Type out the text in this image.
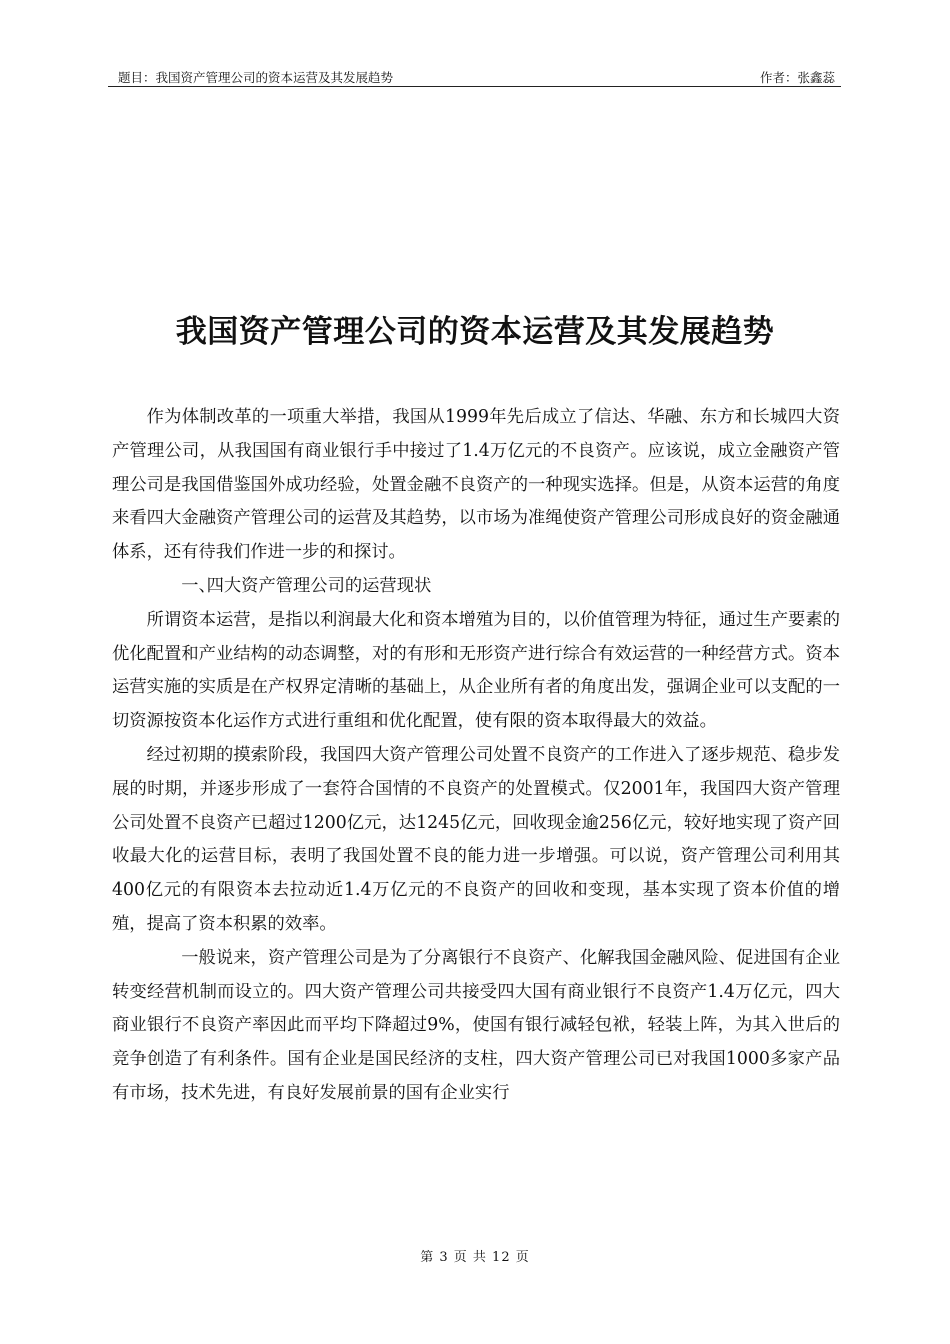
题目：我国资产管理公司的资本运营及其发展趋势	作者：张鑫蕊
我国资产管理公司的资本运营及其发展趋势

作为体制改革的一项重大举措，我国从1999年先后成立了信达、华融、东方和长城四大资产管理公司，从我国国有商业银行手中接过了1.4万亿元的不良资产。应该说，成立金融资产管理公司是我国借鉴国外成功经验，处置金融不良资产的一种现实选择。但是，从资本运营的角度来看四大金融资产管理公司的运营及其趋势，以市场为准绳使资产管理公司形成良好的资金融通体系，还有待我们作进一步的和探讨。

一、四大资产管理公司的运营现状

所谓资本运营，是指以利润最大化和资本增殖为目的，以价值管理为特征，通过生产要素的优化配置和产业结构的动态调整，对的有形和无形资产进行综合有效运营的一种经营方式。资本运营实施的实质是在产权界定清晰的基础上，从企业所有者的角度出发，强调企业可以支配的一切资源按资本化运作方式进行重组和优化配置，使有限的资本取得最大的效益。

经过初期的摸索阶段，我国四大资产管理公司处置不良资产的工作进入了逐步规范、稳步发展的时期，并逐步形成了一套符合国情的不良资产的处置模式。仅2001年，我国四大资产管理公司处置不良资产已超过1200亿元，达1245亿元，回收现金逾256亿元，较好地实现了资产回收最大化的运营目标，表明了我国处置不良的能力进一步增强。可以说，资产管理公司利用其400亿元的有限资本去拉动近1.4万亿元的不良资产的回收和变现，基本实现了资本价值的增殖，提高了资本积累的效率。

一般说来，资产管理公司是为了分离银行不良资产、化解我国金融风险、促进国有企业转变经营机制而设立的。四大资产管理公司共接受四大国有商业银行不良资产1.4万亿元，四大商业银行不良资产率因此而平均下降超过9%，使国有银行减轻包袱，轻装上阵，为其入世后的竞争创造了有利条件。国有企业是国民经济的支柱，四大资产管理公司已对我国1000多家产品有市场，技术先进，有良好发展前景的国有企业实行

第 3 页 共 12 页
